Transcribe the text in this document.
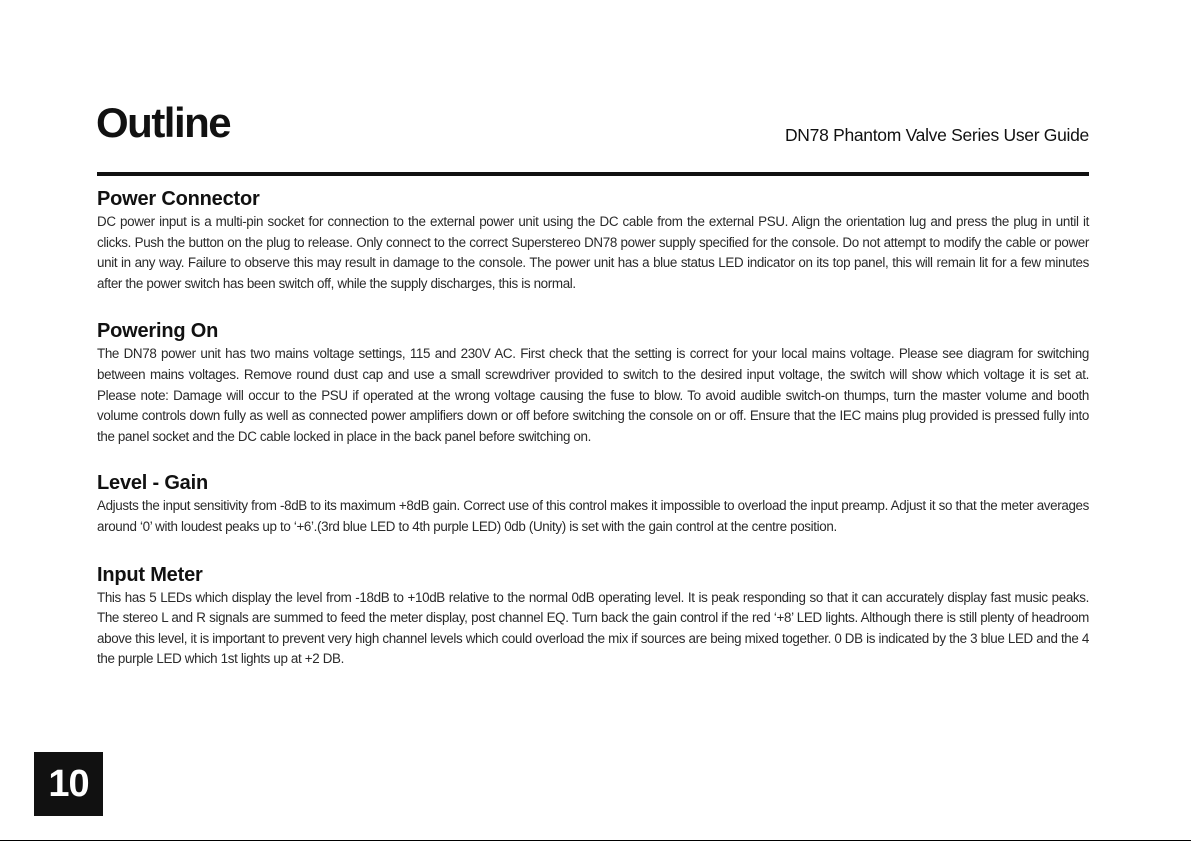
Outline	DN78 Phantom Valve Series User Guide
Power Connector

DC power input is a multi-pin socket for connection to the external power unit using the DC cable from the external PSU. Align the orientation lug and press the plug in until it clicks. Push the button on the plug to release. Only connect to the correct Superstereo DN78 power supply specified for the console. Do not attempt to modify the cable or power unit in any way. Failure to observe this may result in damage to the console. The power unit has a blue status LED indicator on its top panel, this will remain lit for a few minutes after the power switch has been switch off, while the supply discharges, this is normal.

Powering On

The DN78 power unit has two mains voltage settings, 115 and 230V AC. First check that the setting is correct for your local mains voltage. Please see diagram for switching between mains voltages. Remove round dust cap and use a small screwdriver provided to switch to the desired input voltage, the switch will show which voltage it is set at. Please note: Damage will occur to the PSU if operated at the wrong voltage causing the fuse to blow. To avoid audible switch-on thumps, turn the master volume and booth volume controls down fully as well as connected power amplifiers down or off before switching the console on or off. Ensure that the IEC mains plug provided is pressed fully into the panel socket and the DC cable locked in place in the back panel before switching on.

Level - Gain

Adjusts the input sensitivity from -8dB to its maximum +8dB gain. Correct use of this control makes it impossible to overload the input preamp. Adjust it so that the meter averages around ‘0’ with loudest peaks up to ‘+6’.(3rd blue LED to 4th purple LED) 0db (Unity) is set with the gain control at the centre position.

Input Meter

This has 5 LEDs which display the level from -18dB to +10dB relative to the normal 0dB operating level. It is peak responding so that it can accurately display fast music peaks. The stereo L and R signals are summed to feed the meter display, post channel EQ. Turn back the gain control if the red ‘+8’ LED lights. Although there is still plenty of headroom above this level, it is important to prevent very high channel levels which could overload the mix if sources are being mixed together. 0 DB is indicated by the 3 blue LED and the 4 the purple LED which 1st lights up at +2 DB.

10
